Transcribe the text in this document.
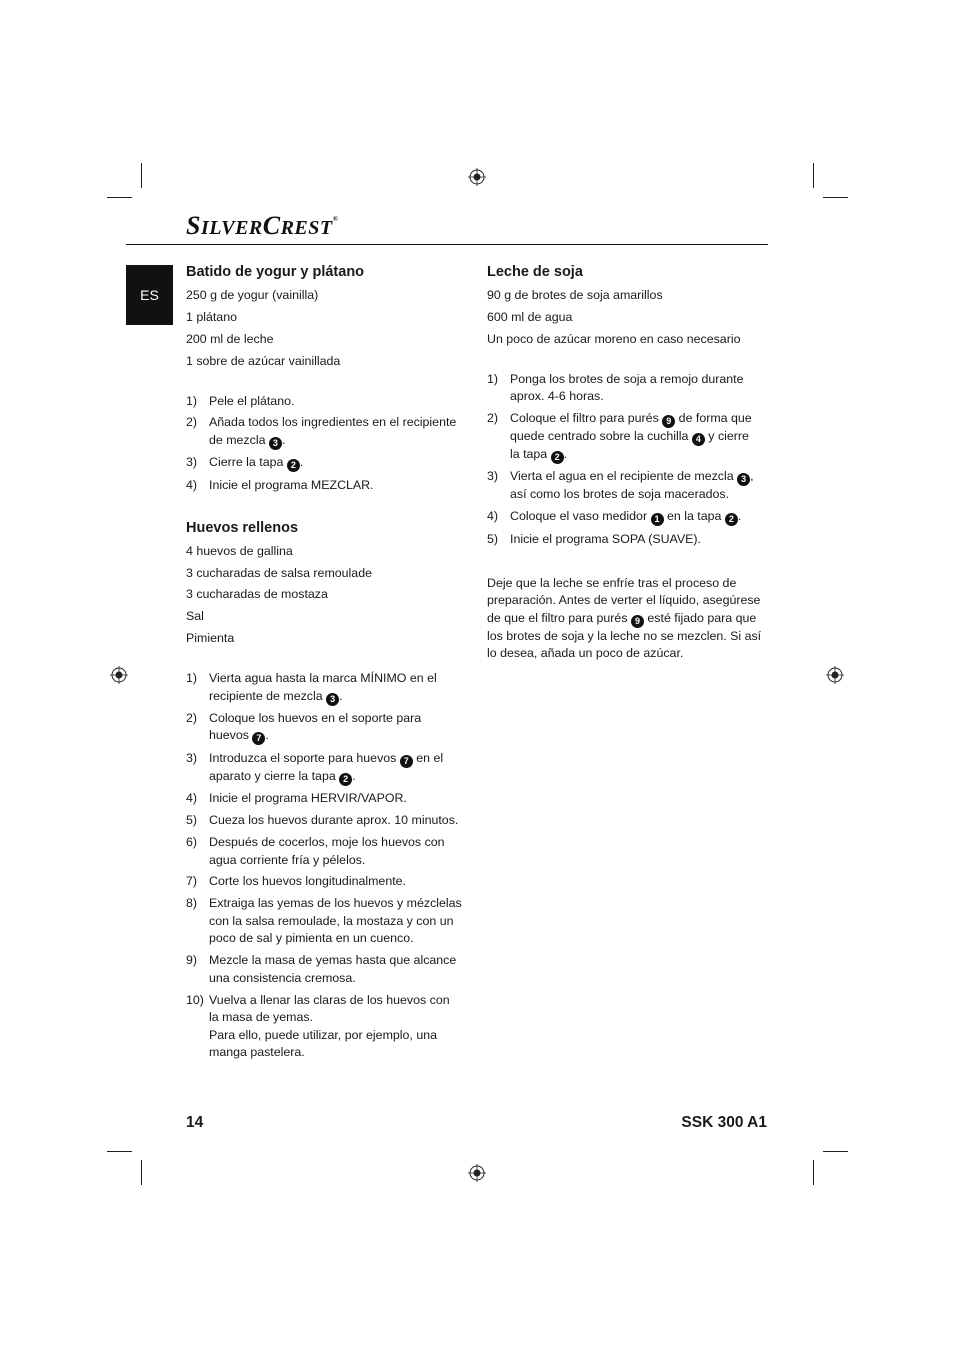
SILVERCREST®
ES
Batido de yogur y plátano
250 g de yogur (vainilla)
1 plátano
200 ml de leche
1 sobre de azúcar vainillada
1) Pele el plátano.
2) Añada todos los ingredientes en el recipiente
de mezcla 3 .
3) Cierre la tapa 2 .
4) Inicie el programa MEZCLAR.
Huevos rellenos
4 huevos de gallina
3 cucharadas de salsa remoulade
3 cucharadas de mostaza
Sal
Pimienta
1) Vierta agua hasta la marca MÍNIMO en el
recipiente de mezcla 3 .
2) Coloque los huevos en el soporte para
huevos 7 .
3) Introduzca el soporte para huevos 7 en el
aparato y cierre la tapa 2 .
4) Inicie el programa HERVIR/VAPOR.
5) Cueza los huevos durante aprox. 10 minutos.
6) Después de cocerlos, moje los huevos con
agua corriente fría y pélelos.
7) Corte los huevos longitudinalmente.
8) Extraiga las yemas de los huevos y mézclelas
con la salsa remoulade, la mostaza y con un
poco de sal y pimienta en un cuenco.
9) Mezcle la masa de yemas hasta que alcance
una consistencia cremosa.
10) Vuelva a llenar las claras de los huevos con
la masa de yemas.
Para ello, puede utilizar, por ejemplo, una
manga pastelera.
Leche de soja
90 g de brotes de soja amarillos
600 ml de agua
Un poco de azúcar moreno en caso necesario
1) Ponga los brotes de soja a remojo durante
aprox. 4-6 horas.
2) Coloque el filtro para purés 9 de forma que
quede centrado sobre la cuchilla 4 y cierre
la tapa 2 .
3) Vierta el agua en el recipiente de mezcla 3 ,
así como los brotes de soja macerados.
4) Coloque el vaso medidor 1 en la tapa 2 .
5) Inicie el programa SOPA (SUAVE).

Deje que la leche se enfríe tras el proceso de preparación. Antes de verter el líquido, asegúrese de que el filtro para purés 9 esté fijado para que los brotes de soja y la leche no se mezclen. Si así lo desea, añada un poco de azúcar.

14	SSK 300 A1
